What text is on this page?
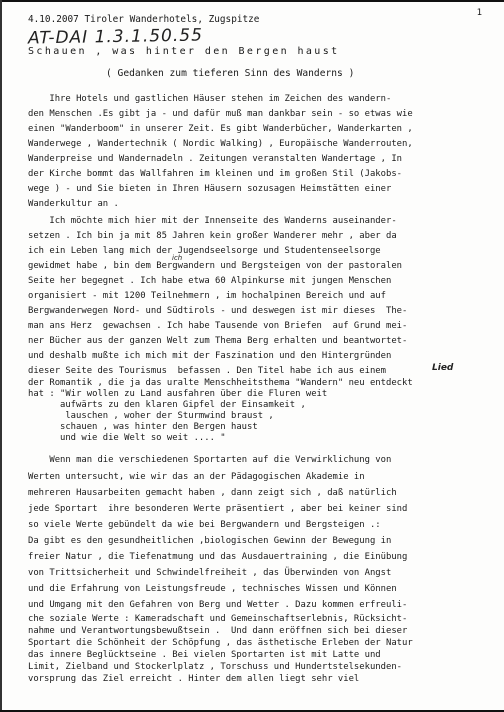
1
4.10.2007 Tiroler Wanderhotels, Zugspitze
AT-DAI 1.3.1.50.55
Schauen , was hinter den Bergen haust
( Gedanken zum tieferen Sinn des Wanderns )
Ihre Hotels und gastlichen Häuser stehen im Zeichen des wandern-
den Menschen .Es gibt ja - und dafür muß man dankbar sein - so etwas wie
einen "Wanderboom" in unserer Zeit. Es gibt Wanderbücher, Wanderkarten ,
Wanderwege , Wandertechnik ( Nordic Walking) , Europäische Wanderrouten,
Wanderpreise und Wandernadeln . Zeitungen veranstalten Wandertage , In
der Kirche bommt das Wallfahren im kleinen und im großen Stil (Jakobs-
wege ) - und Sie bieten in Ihren Häusern sozusagen Heimstätten einer
Wanderkultur an .
Ich möchte mich hier mit der Innenseite des Wanderns auseinander-
setzen . Ich bin ja mit 85 Jahren kein großer Wanderer mehr , aber da
ich ein Leben lang mich der Jugendseelsorge und Studentenseelsorge
ich
gewidmet habe , bin dem Bergwandern und Bergsteigen von der pastoralen
Seite her begegnet . Ich habe etwa 60 Alpinkurse mit jungen Menschen
organisiert - mit 1200 Teilnehmern , im hochalpinen Bereich und auf
Bergwanderwegen Nord- und Südtirols - und deswegen ist mir dieses  The-
man ans Herz  gewachsen . Ich habe Tausende von Briefen  auf Grund mei-
ner Bücher aus der ganzen Welt zum Thema Berg erhalten und beantwortet-
und deshalb mußte ich mich mit der Faszination und den Hintergründen
dieser Seite des Tourismus  befassen . Den Titel habe ich aus einem	Lied
der Romantik , die ja das uralte Menschheitsthema "Wandern" neu entdeckt
hat : "Wir wollen zu Land ausfahren über die Fluren weit
aufwärts zu den klaren Gipfel der Einsamkeit ,
lauschen , woher der Sturmwind braust ,
schauen , was hinter den Bergen haust
und wie die Welt so weit .... "
Wenn man die verschiedenen Sportarten auf die Verwirklichung von
Werten untersucht, wie wir das an der Pädagogischen Akademie in
mehreren Hausarbeiten gemacht haben , dann zeigt sich , daß natürlich
jede Sportart  ihre besonderen Werte präsentiert , aber bei keiner sind
so viele Werte gebündelt da wie bei Bergwandern und Bergsteigen .:
Da gibt es den gesundheitlichen ,biologischen Gewinn der Bewegung in
freier Natur , die Tiefenatmung und das Ausdauertraining , die Einübung
von Trittsicherheit und Schwindelfreiheit , das Überwinden von Angst
und die Erfahrung von Leistungsfreude , technisches Wissen und Können
und Umgang mit den Gefahren von Berg und Wetter . Dazu kommen erfreuli-
che soziale Werte : Kameradschaft und Gemeinschaftserlebnis, Rücksicht-
nahme und Verantwortungsbewußtsein .  Und dann eröffnen sich bei dieser
Sportart die Schönheit der Schöpfung , das ästhetische Erleben der Natur
das innere Beglücktseine . Bei vielen Sportarten ist mit Latte und
Limit, Zielband und Stockerlplatz , Torschuss und Hundertstelsekunden-
vorsprung das Ziel erreicht . Hinter dem allen liegt sehr viel
